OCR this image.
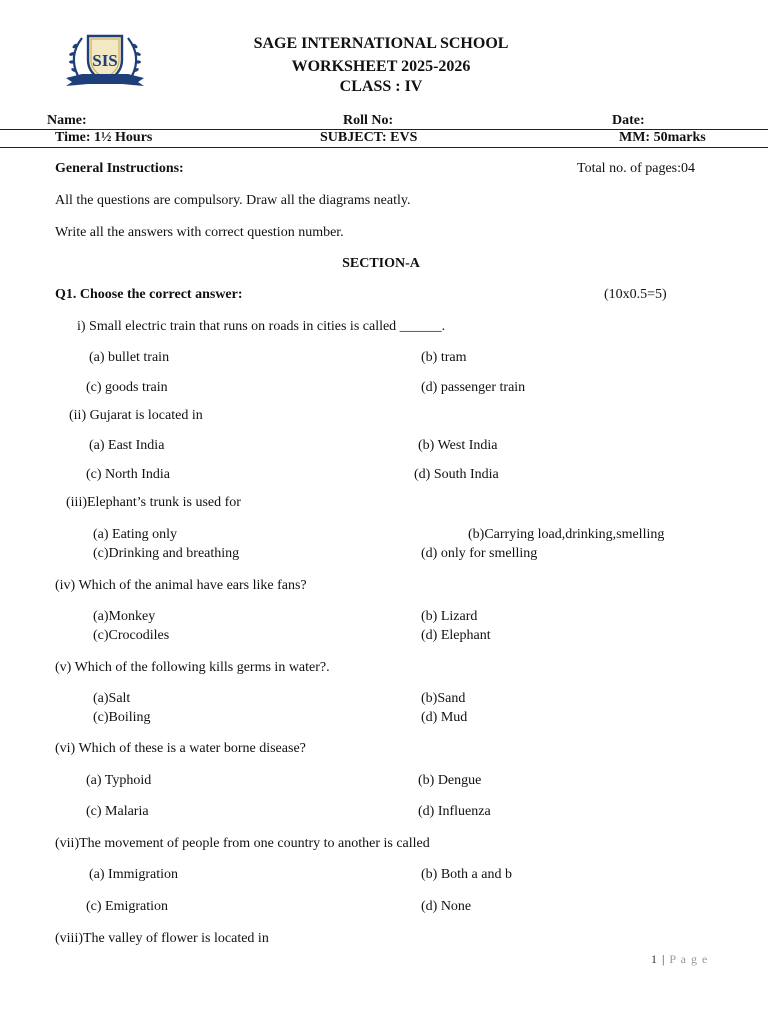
SIS
SAGE INTERNATIONAL SCHOOL
WORKSHEET 2025-2026
CLASS : IV
Name:	Roll No:	Date:
Time: 1½ Hours	SUBJECT: EVS	MM: 50marks
General Instructions:	Total no. of pages:04
All the questions are compulsory. Draw all the diagrams neatly.
Write all the answers with correct question number.
SECTION-A
Q1. Choose the correct answer:	(10x0.5=5)
i) Small electric train that runs on roads in cities is called ______.
(a) bullet train	(b) tram
(c) goods train	(d) passenger train
(ii) Gujarat is located in
(a) East India	(b) West India
(c) North India	(d) South India
(iii)Elephant’s trunk is used for
(a) Eating only	(b)Carrying load,drinking,smelling
(c)Drinking and breathing	(d) only for smelling
(iv) Which of the animal have ears like fans?
(a)Monkey	(b) Lizard
(c)Crocodiles	(d) Elephant
(v) Which of the following kills germs in water?.
(a)Salt	(b)Sand
(c)Boiling	(d) Mud
(vi) Which of these is a water borne disease?
(a) Typhoid	(b) Dengue
(c) Malaria	(d) Influenza
(vii)The movement of people from one country to another is called
(a) Immigration	(b) Both a and b
(c) Emigration	(d) None
(viii)The valley of flower is located in
1 | P a g e
